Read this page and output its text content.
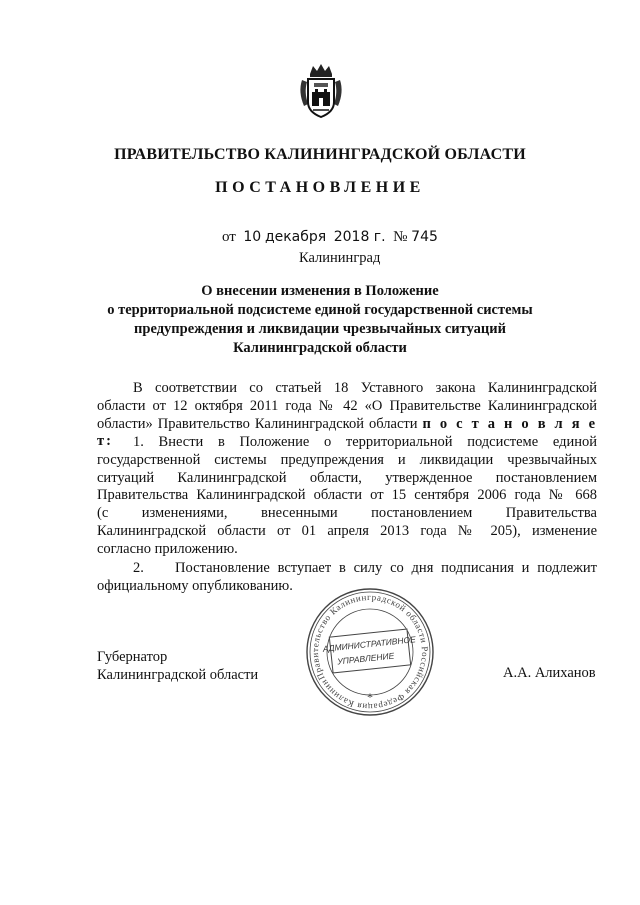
ПРАВИТЕЛЬСТВО КАЛИНИНГРАДСКОЙ ОБЛАСТИ
ПОСТАНОВЛЕНИЕ
от 10 декабря 2018 г. № 745
Калининград
О внесении изменения в Положение
о территориальной подсистеме единой государственной системы
предупреждения и ликвидации чрезвычайных ситуаций
Калининградской области
В соответствии со статьей 18 Уставного закона Калининградской
области от 12 октября 2011 года № 42 «О Правительстве Калининградской
области» Правительство Калининградской области п о с т а н о в л я е т:	1. Внести в Положение о территориальной подсистеме единой
государственной системы предупреждения и ликвидации чрезвычайных
ситуаций Калининградской области, утвержденное постановлением
Правительства Калининградской области от 15 сентября 2006 года № 668
(с изменениями, внесенными постановлением Правительства
Калининградской области от 01 апреля 2013 года № 205), изменение
согласно приложению.
2.    Постановление вступает в силу со дня подписания и подлежит
официальному опубликованию.
Правительство Калининградской области Российская Федерация Калининград
АДМИНИСТРАТИВНОЕ
УПРАВЛЕНИЕ
*
Губернатор
Калининградской области	А.А. Алиханов
